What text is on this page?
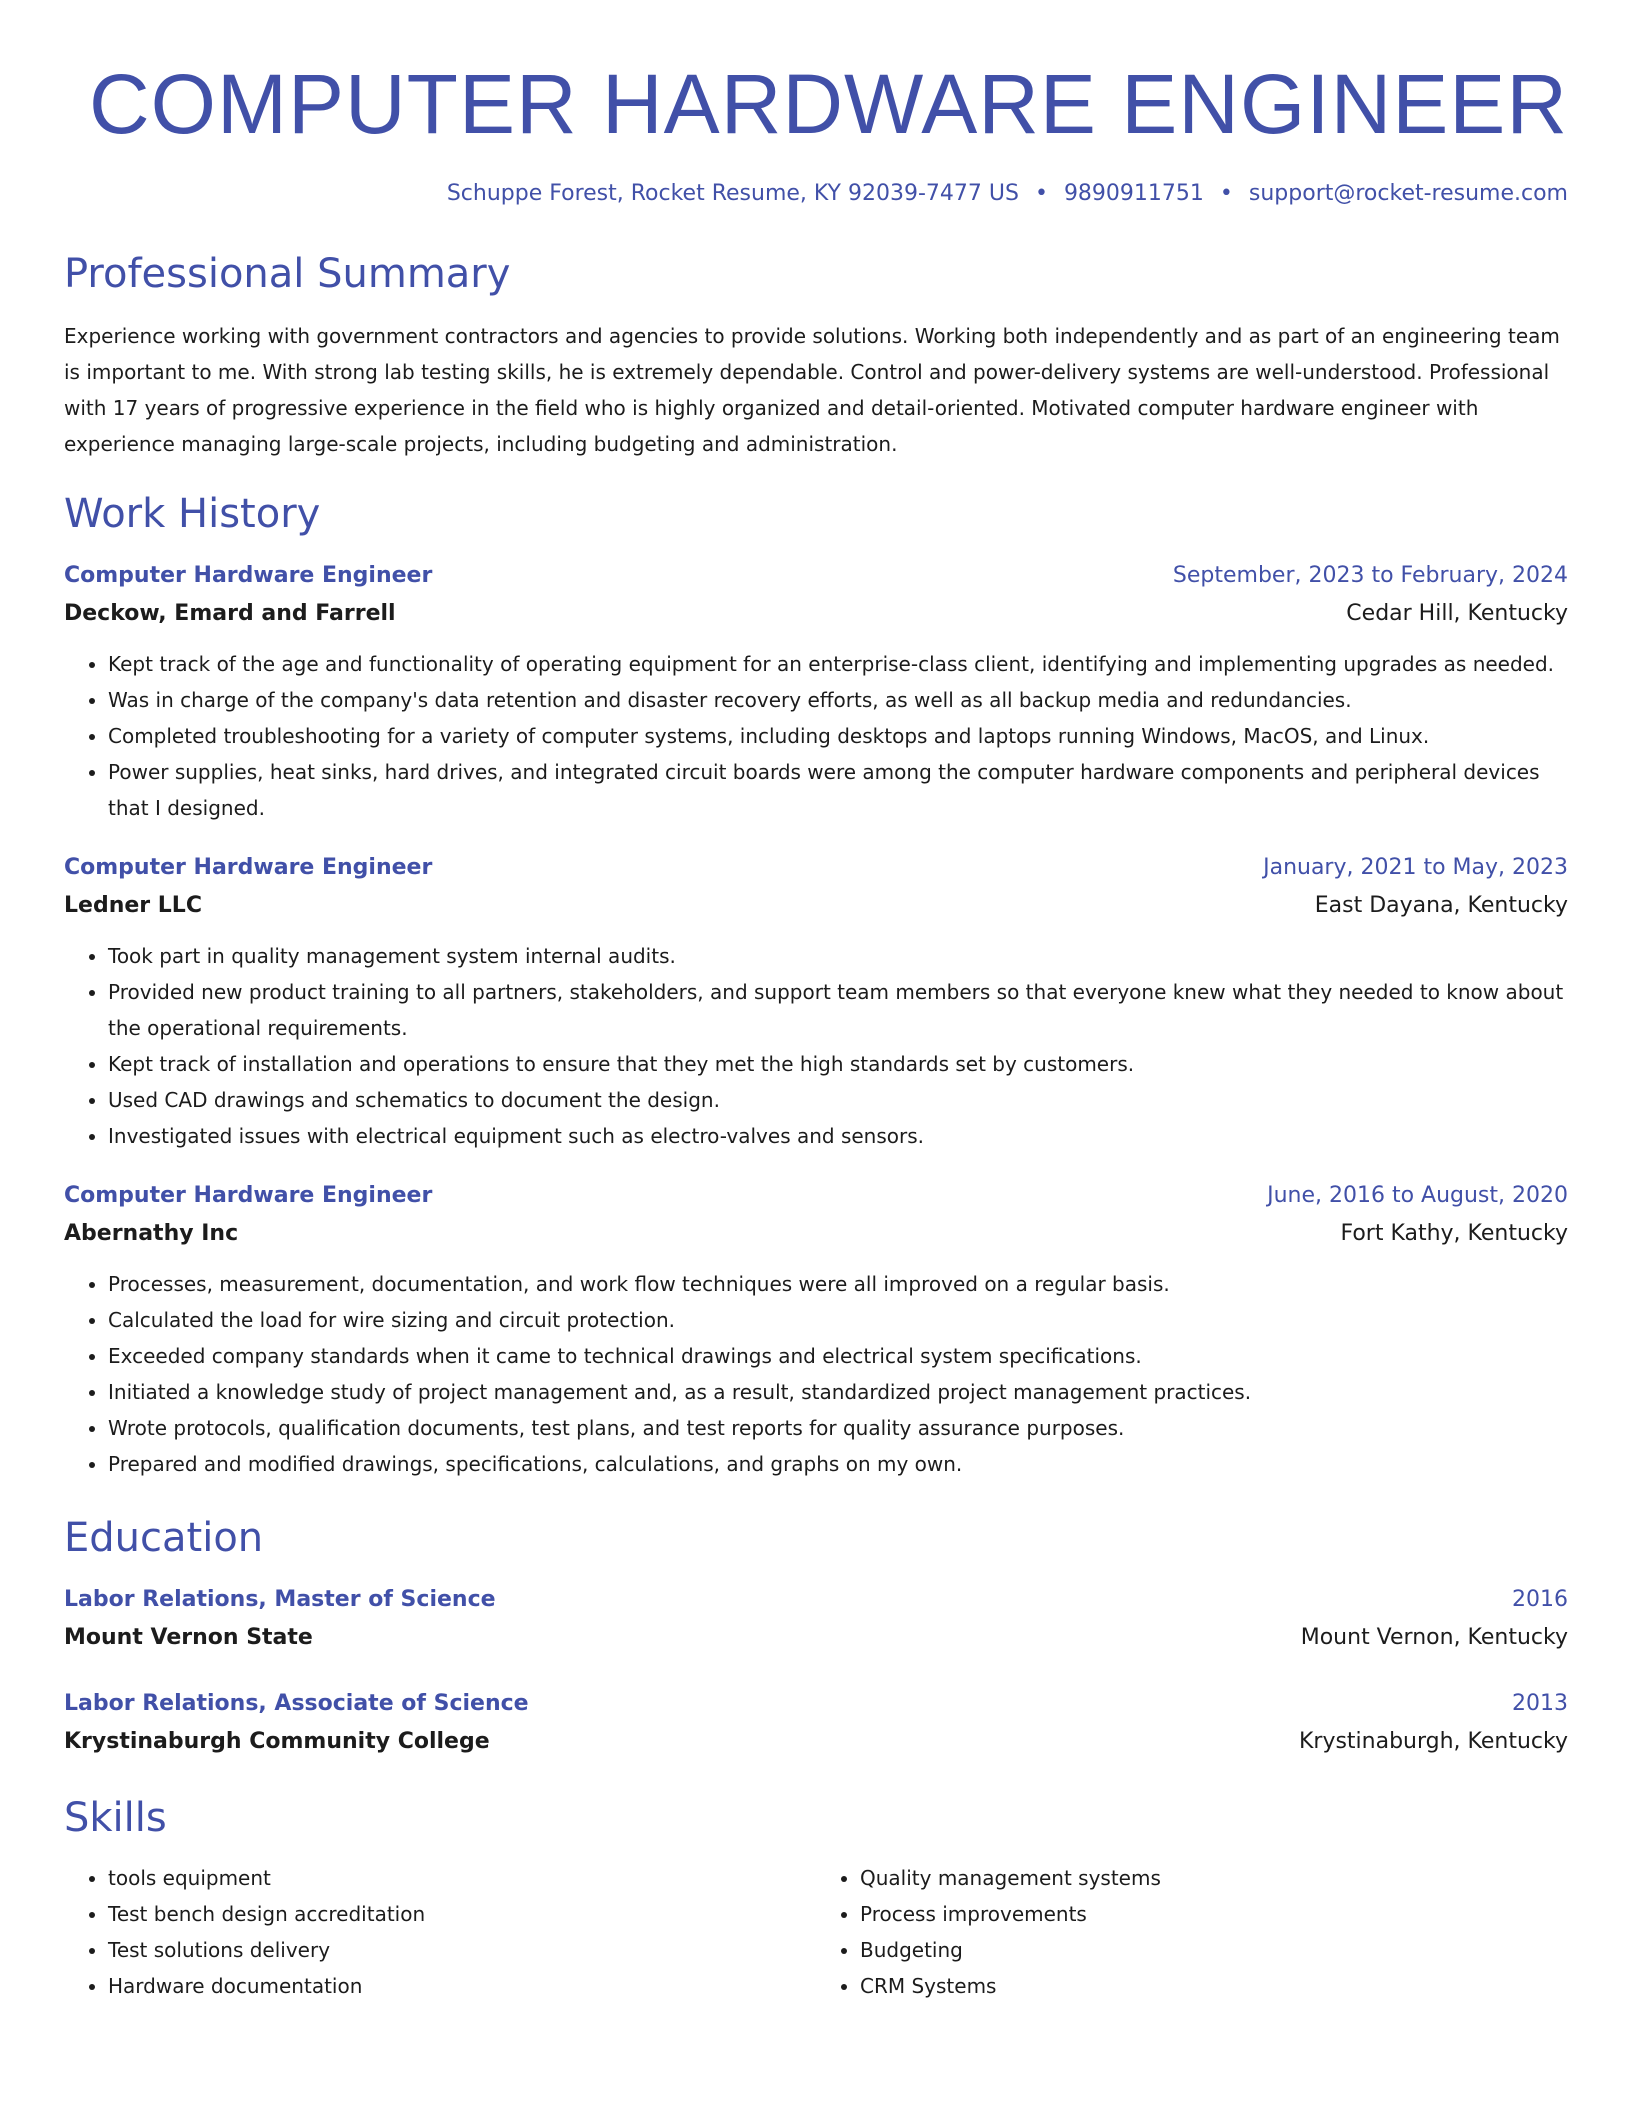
COMPUTER HARDWARE ENGINEER
Schuppe Forest, Rocket Resume, KY 92039-7477 US • 9890911751 • support@rocket-resume.com
Professional Summary
Experience working with government contractors and agencies to provide solutions. Working both independently and as part of an engineering team is important to me. With strong lab testing skills, he is extremely dependable. Control and power-delivery systems are well-understood. Professional with 17 years of progressive experience in the field who is highly organized and detail-oriented. Motivated computer hardware engineer with experience managing large-scale projects, including budgeting and administration.
Work History
Computer Hardware Engineer	September, 2023 to February, 2024
Deckow, Emard and Farrell	Cedar Hill, Kentucky
• Kept track of the age and functionality of operating equipment for an enterprise-class client, identifying and implementing upgrades as needed.
• Was in charge of the company's data retention and disaster recovery efforts, as well as all backup media and redundancies.
• Completed troubleshooting for a variety of computer systems, including desktops and laptops running Windows, MacOS, and Linux.
• Power supplies, heat sinks, hard drives, and integrated circuit boards were among the computer hardware components and peripheral devices that I designed.
Computer Hardware Engineer	January, 2021 to May, 2023
Ledner LLC	East Dayana, Kentucky
• Took part in quality management system internal audits.
• Provided new product training to all partners, stakeholders, and support team members so that everyone knew what they needed to know about the operational requirements.
• Kept track of installation and operations to ensure that they met the high standards set by customers.
• Used CAD drawings and schematics to document the design.
• Investigated issues with electrical equipment such as electro-valves and sensors.
Computer Hardware Engineer	June, 2016 to August, 2020
Abernathy Inc	Fort Kathy, Kentucky
• Processes, measurement, documentation, and work flow techniques were all improved on a regular basis.
• Calculated the load for wire sizing and circuit protection.
• Exceeded company standards when it came to technical drawings and electrical system specifications.
• Initiated a knowledge study of project management and, as a result, standardized project management practices.
• Wrote protocols, qualification documents, test plans, and test reports for quality assurance purposes.
• Prepared and modified drawings, specifications, calculations, and graphs on my own.
Education
Labor Relations, Master of Science	2016
Mount Vernon State	Mount Vernon, Kentucky
Labor Relations, Associate of Science	2013
Krystinaburgh Community College	Krystinaburgh, Kentucky
Skills
• tools equipment
• Test bench design accreditation
• Test solutions delivery
• Hardware documentation
• Quality management systems
• Process improvements
• Budgeting
• CRM Systems
